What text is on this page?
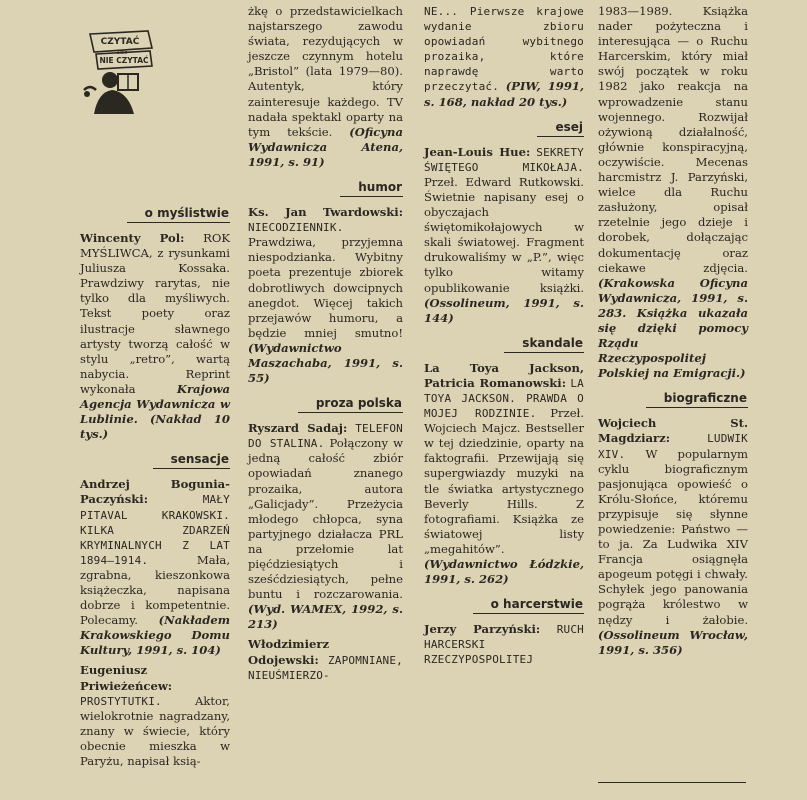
CZYTAĆ
albo
NIE CZYTAĆ
o myślistwie

Wincenty Pol: ROK MYŚLIWCA, z rysunkami Juliusza Kossaka. Prawdziwy rarytas, nie tylko dla myśliwych. Tekst poety oraz ilustracje sławnego artysty tworzą całość w stylu „retro”, wartą nabycia. Reprint wykonała	Krajowa Agencja Wydawnicza w Lublinie. (Nakład 10 tys.)

sensacje

Andrzej Bogunia-Paczyński:	MAŁY PITAVAL KRAKOWSKI. KILKA ZDARZEŃ KRYMINALNYCH Z LAT 1894—1914.	Mała, zgrabna, kieszonkowa książeczka, napisana dobrze i kompetentnie. Polecamy. (Nakładem Krakowskiego Domu Kultury, 1991, s. 104)

Eugeniusz Priwieżeńcew: PROSTYTUTKI.	Aktor, wielokrotnie nagradzany, znany w świecie, który obecnie mieszka w Paryżu, napisał ksią-

żkę o przedstawicielkach najstarszego zawodu świata, rezydujących w jeszcze czynnym hotelu „Bristol” (lata 1979—80). Autentyk, który zainteresuje każdego. TV nadała spektakl oparty na tym tekście. (Oficyna Wydawnicza Atena, 1991, s. 91)

humor

Ks. Jan Twardowski: NIECODZIENNIK. Prawdziwa, przyjemna niespodzianka. Wybitny poeta prezentuje zbiorek dobrotliwych dowcipnych anegdot. Więcej takich przejawów humoru, a będzie mniej smutno! (Wydawnictwo Maszachaba, 1991, s. 55)

proza polska

Ryszard Sadaj: TELEFON DO STALINA. Połączony w jedną całość zbiór opowiadań znanego prozaika, autora „Galicjady”. Przeżycia młodego chłopca, syna partyjnego działacza PRL na przełomie lat pięćdziesiątych i sześćdziesiątych, pełne buntu i rozczarowania. (Wyd. WAMEX, 1992, s. 213)

Włodzimierz Odojewski: ZAPOMNIANE, NIEUŚMIERZO-

NE... Pierwsze krajowe wydanie zbioru opowiadań wybitnego prozaika, które naprawdę warto przeczytać. (PIW, 1991, s. 168, nakład 20 tys.)

esej

Jean-Louis Hue: SEKRETY ŚWIĘTEGO MIKOŁAJA. Przeł. Edward Rutkowski. Świetnie napisany esej o obyczajach świętomikołajowych w skali światowej. Fragment drukowaliśmy w „P.”, więc tylko witamy opublikowanie książki. (Ossolineum, 1991, s. 144)

skandale

La Toya Jackson, Patricia Romanowski: LA TOYA JACKSON. PRAWDA O MOJEJ RODZINIE. Przeł. Wojciech Majcz. Bestseller w tej dziedzinie, oparty na faktografii. Przewijają się supergwiazdy muzyki na tle światka artystycznego Beverly Hills. Z fotografiami. Książka ze światowej listy „megahitów”. (Wydawnictwo Łódzkie, 1991, s. 262)

o harcerstwie

Jerzy Parzyński: RUCH HARCERSKI RZECZYPOSPOLITEJ

1983—1989. Książka nader pożyteczna i interesująca — o Ruchu Harcerskim, który miał swój początek w roku 1982 jako reakcja na wprowadzenie stanu wojennego. Rozwijał ożywioną działalność, głównie konspiracyjną, oczywiście. Mecenas harcmistrz J. Parzyński, wielce dla Ruchu zasłużony, opisał rzetelnie jego dzieje i dorobek, dołączając dokumentację oraz ciekawe zdjęcia. (Krakowska Oficyna Wydawnicza, 1991, s. 283. Książka ukazała się dzięki pomocy Rządu Rzeczypospolitej Polskiej na Emigracji.)

biograficzne

Wojciech St. Magdziarz:	LUDWIK XIV. W popularnym cyklu biograficznym pasjonująca opowieść o Królu-Słońce, któremu przypisuje się słynne powiedzenie: Państwo — to ja. Za Ludwika XIV Francja osiągnęła apogeum potęgi i chwały. Schyłek jego panowania pogrąża królestwo w nędzy i żałobie. (Ossolineum Wrocław, 1991, s. 356)
